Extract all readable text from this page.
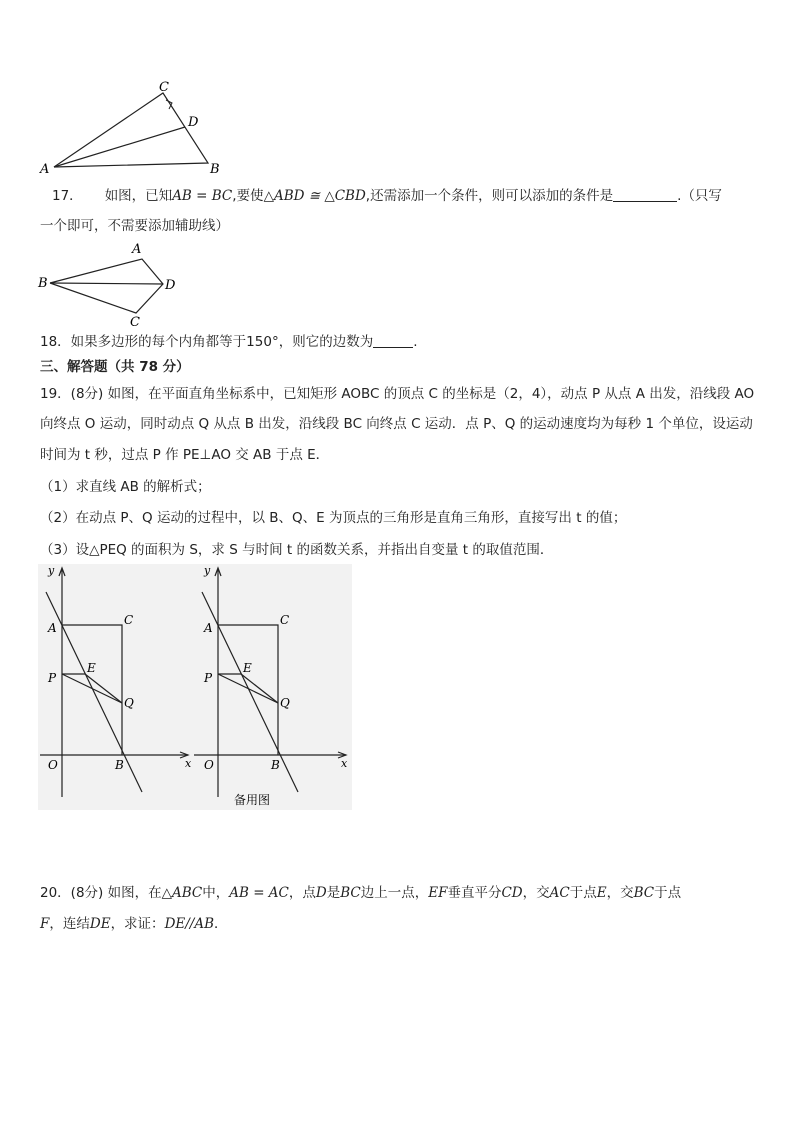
C
D
A	B
17． 如图，已知AB = BC,要使△ABD ≅ △CBD,还需添加一个条件，则可以添加的条件是	.（只写
一个即可，不需要添加辅助线）
A
B	D
C
18．如果多边形的每个内角都等于150°，则它的边数为	.
三、解答题（共 78 分）
19．(8分) 如图，在平面直角坐标系中，已知矩形 AOBC 的顶点 C 的坐标是（2，4），动点 P 从点 A 出发，沿线段 AO
向终点 O 运动，同时动点 Q 从点 B 出发，沿线段 BC 向终点 C 运动．点 P、Q 的运动速度均为每秒 1 个单位，设运动
时间为 t 秒，过点 P 作 PE⊥AO 交 AB 于点 E．
（1）求直线 AB 的解析式；
（2）在动点 P、Q 运动的过程中，以 B、Q、E 为顶点的三角形是直角三角形，直接写出 t 的值；
（3）设△PEQ 的面积为 S，求 S 与时间 t 的函数关系，并指出自变量 t 的取值范围．
y
x
A
C
P
E
Q
O	B
y
x
A
C
P
E
Q
O	B
备用图
20．(8分) 如图，在△ABC中，AB = AC，点D是BC边上一点，EF垂直平分CD，交AC于点E，交BC于点
F，连结DE，求证：DE//AB．
